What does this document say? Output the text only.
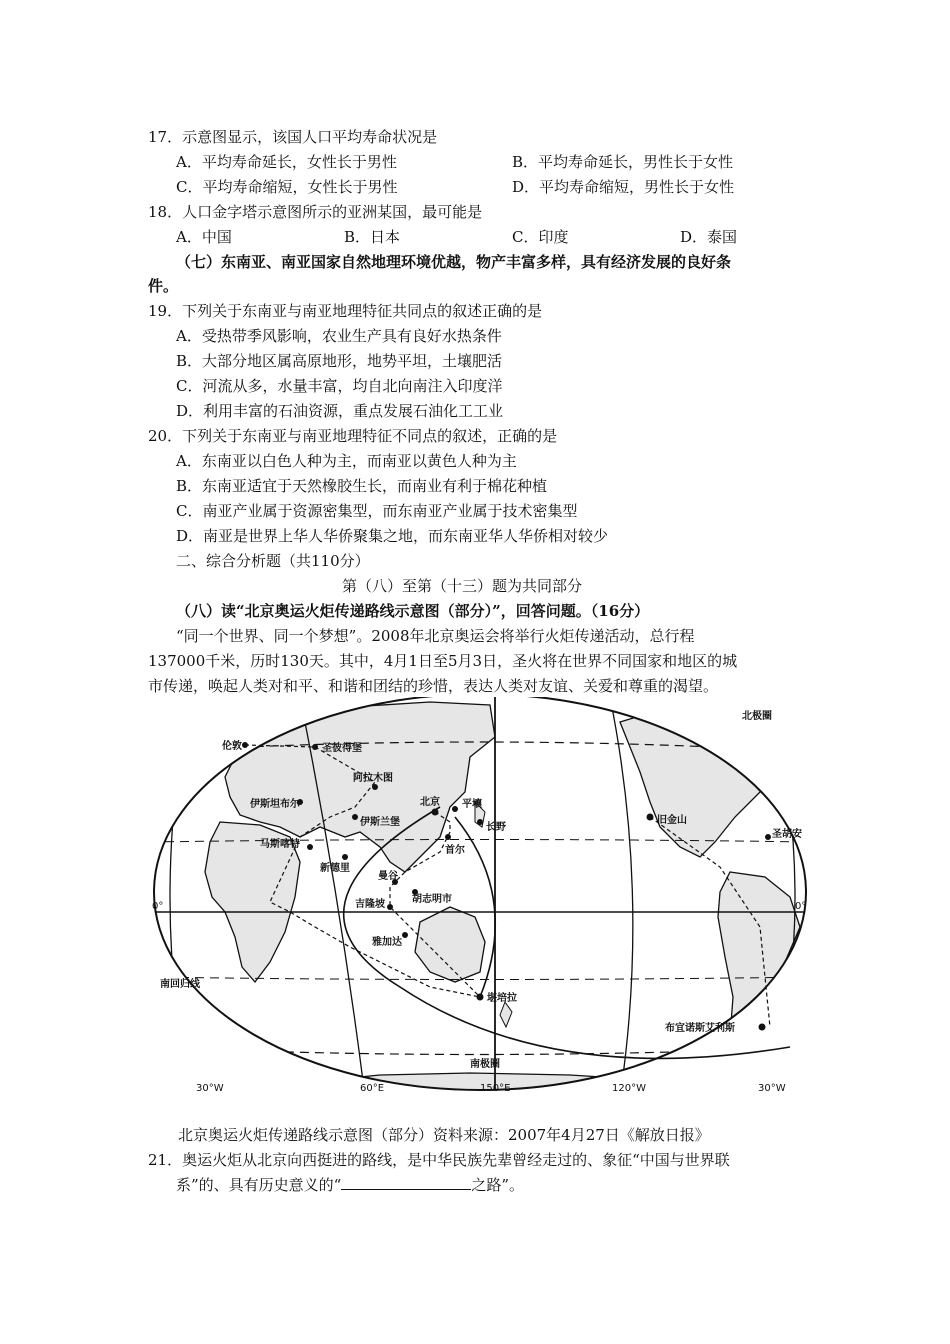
17．示意图显示，该国人口平均寿命状况是
A．平均寿命延长，女性长于男性	B．平均寿命延长，男性长于女性
C．平均寿命缩短，女性长于男性	D．平均寿命缩短，男性长于女性
18．人口金字塔示意图所示的亚洲某国，最可能是
A．中国	B．日本	C．印度	D．泰国
（七）东南亚、南亚国家自然地理环境优越，物产丰富多样，具有经济发展的良好条
件。
19．下列关于东南亚与南亚地理特征共同点的叙述正确的是
A．受热带季风影响，农业生产具有良好水热条件
B．大部分地区属高原地形，地势平坦，土壤肥活
C．河流从多，水量丰富，均自北向南注入印度洋
D．利用丰富的石油资源，重点发展石油化工工业
20．下列关于东南亚与南亚地理特征不同点的叙述，正确的是
A．东南亚以白色人种为主，而南亚以黄色人种为主
B．东南亚适宜于天然橡胶生长，而南业有利于棉花种植
C．南亚产业属于资源密集型，而东南亚产业属于技术密集型
D．南亚是世界上华人华侨聚集之地，而东南亚华人华侨相对较少
二、综合分析题（共110分）
第（八）至第（十三）题为共同部分
（八）读“北京奥运火炬传递路线示意图（部分）”，回答问题。（16分）
“同一个世界、同一个梦想”。2008年北京奥运会将举行火炬传递活动，总行程
137000千米，历时130天。其中，4月1日至5月3日，圣火将在世界不同国家和地区的城
市传递，唤起人类对和平、和谐和团结的珍惜，表达人类对友谊、关爱和尊重的渴望。
伦敦	圣彼得堡
阿拉木图
北京
伊斯坦布尔
伊斯兰堡
平壤
长野
马斯喀特
首尔
新德里
曼谷
胡志明市
吉隆坡
雅加达
堪培拉
旧金山
圣胡安
布宜诺斯艾利斯
南极圈
南回归线
北极圈
0°	0°
30°W	60°E	150°E	120°W	30°W
北京奥运火炬传递路线示意图（部分）资料来源：2007年4月27日《解放日报》
21．奥运火炬从北京向西挺进的路线，是中华民族先辈曾经走过的、象征“中国与世界联
系”的、具有历史意义的“	之路”。
